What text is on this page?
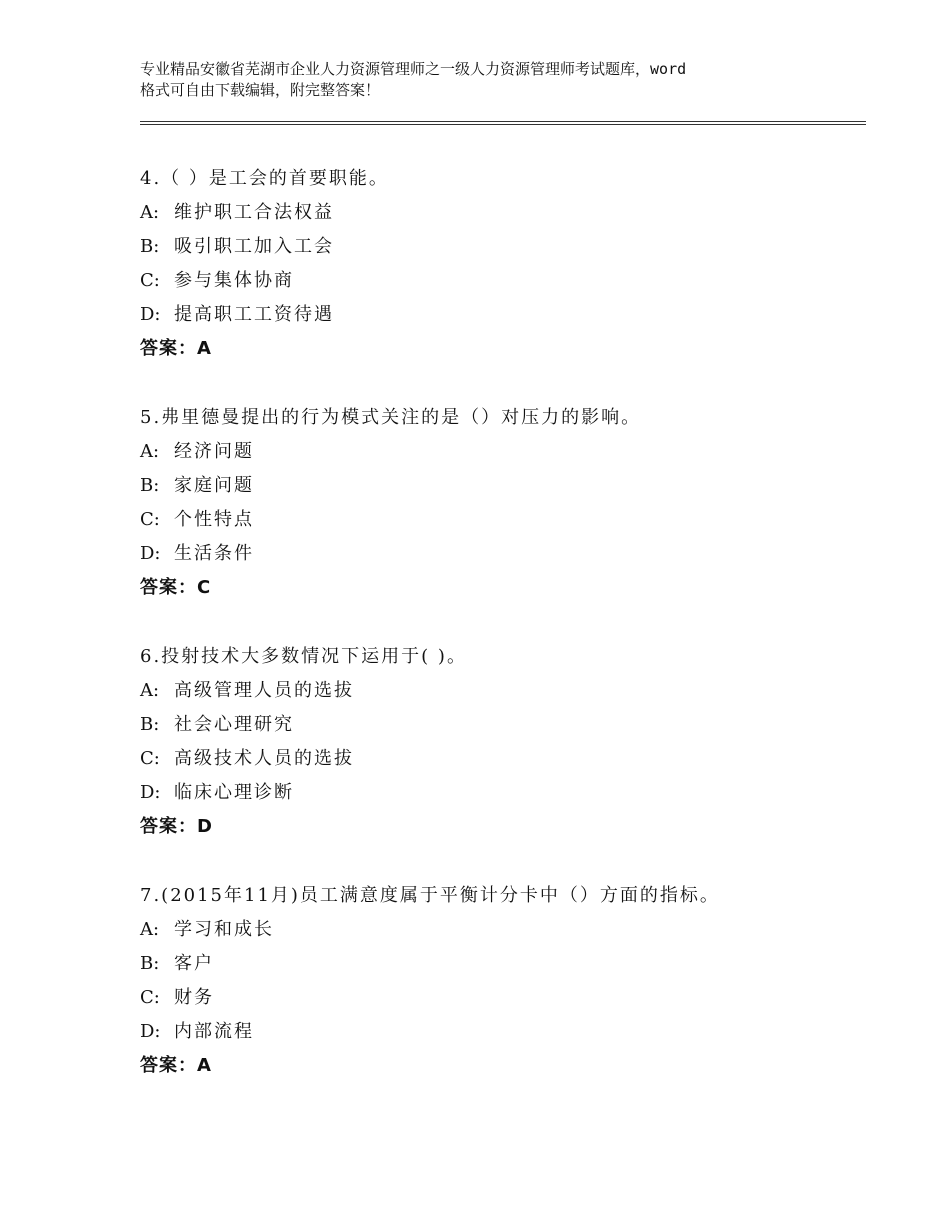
专业精品安徽省芜湖市企业人力资源管理师之一级人力资源管理师考试题库，word
格式可自由下载编辑，附完整答案！
4.（ ）是工会的首要职能。
A: 维护职工合法权益
B: 吸引职工加入工会
C: 参与集体协商
D: 提高职工工资待遇
答案：A
5.弗里德曼提出的行为模式关注的是（）对压力的影响。
A: 经济问题
B: 家庭问题
C: 个性特点
D: 生活条件
答案：C
6.投射技术大多数情况下运用于( )。
A: 高级管理人员的选拔
B: 社会心理研究
C: 高级技术人员的选拔
D: 临床心理诊断
答案：D
7.(2015年11月)员工满意度属于平衡计分卡中（）方面的指标。
A: 学习和成长
B: 客户
C: 财务
D: 内部流程
答案：A
